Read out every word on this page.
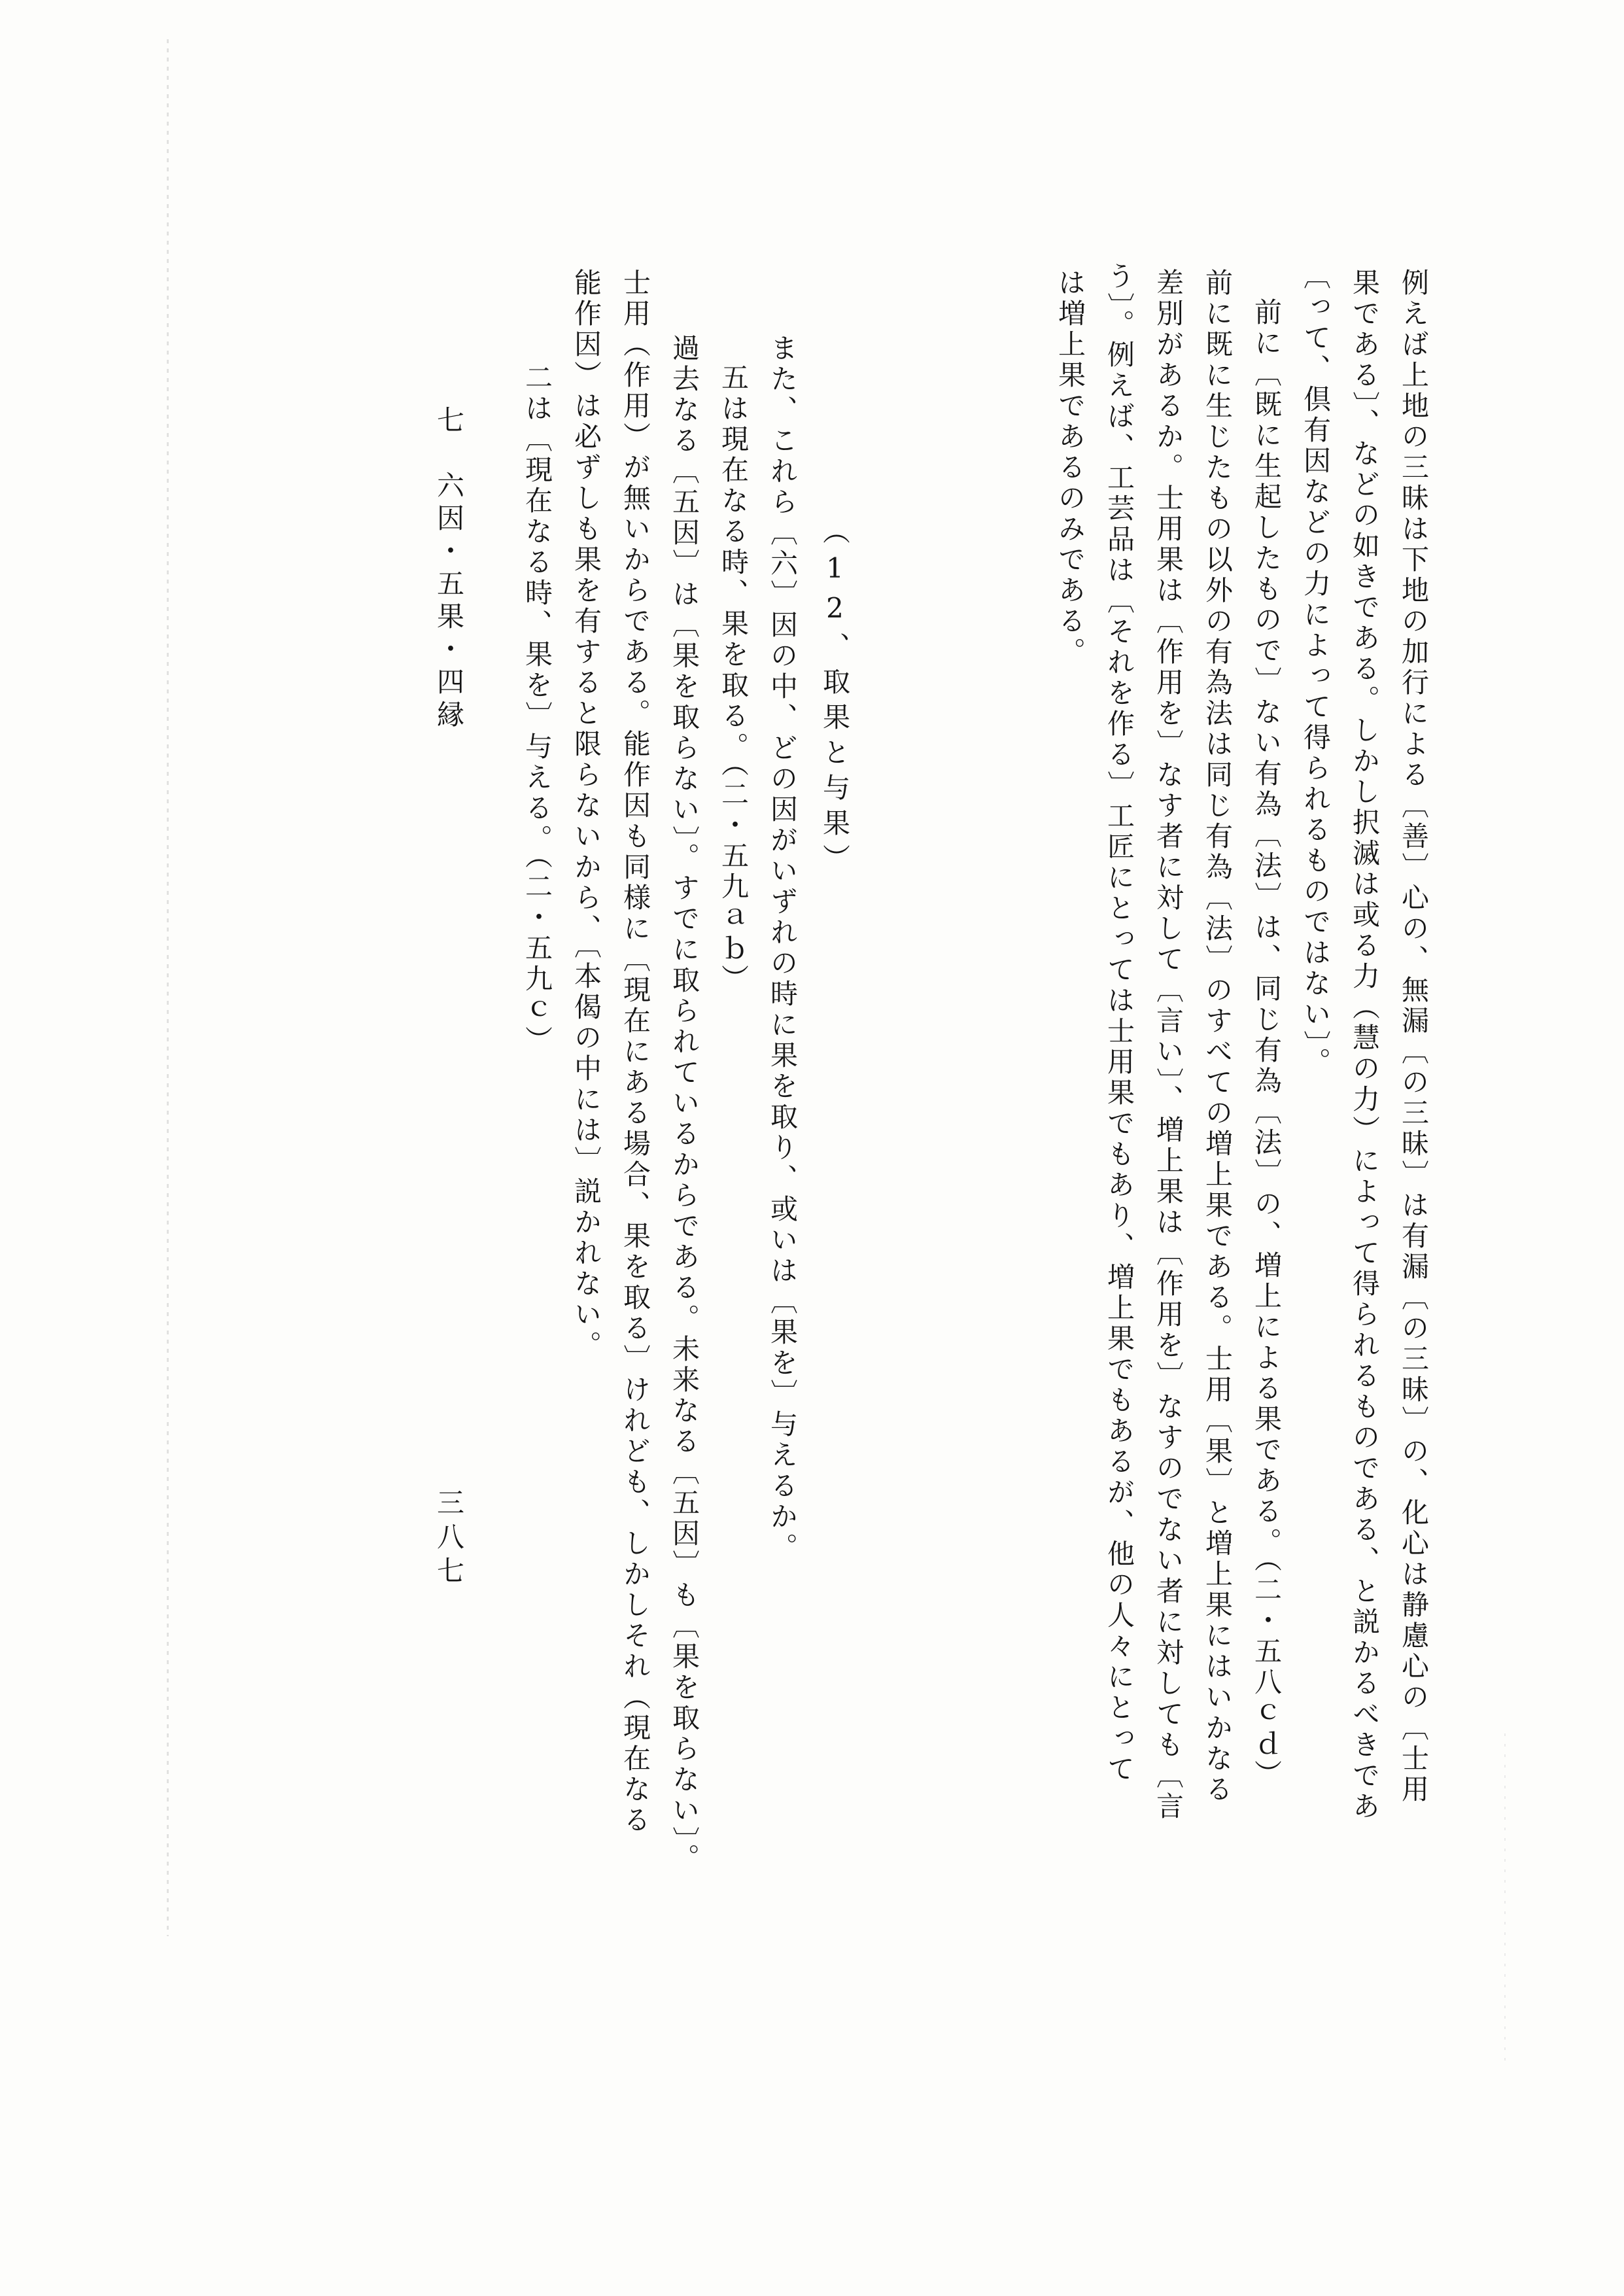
例えば上地の三昧は下地の加行による〔善〕心の、無漏〔の三昧〕は有漏〔の三昧〕の、化心は静慮心の〔士用
果である〕、などの如きである。しかし択滅は或る力（慧の力）によって得られるものである、と説かるべきであ
〔って、倶有因などの力によって得られるものではない〕。
前に〔既に生起したもので〕ない有為〔法〕は、同じ有為〔法〕の、増上による果である。（二・五八ｃｄ）
前に既に生じたもの以外の有為法は同じ有為〔法〕のすべての増上果である。士用〔果〕と増上果にはいかなる
差別があるか。士用果は〔作用を〕なす者に対して〔言い〕、増上果は〔作用を〕なすのでない者に対しても〔言
う〕。例えば、工芸品は〔それを作る〕工匠にとっては士用果でもあり、増上果でもあるが、他の人々にとって
は増上果であるのみである。
（12、取果と与果）
また、これら〔六〕因の中、どの因がいずれの時に果を取り、或いは〔果を〕与えるか。
五は現在なる時、果を取る。（二・五九ａｂ）
過去なる〔五因〕は〔果を取らない〕。すでに取られているからである。未来なる〔五因〕も〔果を取らない〕。
士用（作用）が無いからである。能作因も同様に〔現在にある場合、果を取る〕けれども、しかしそれ（現在なる
能作因）は必ずしも果を有すると限らないから、〔本偈の中には〕説かれない。
二は〔現在なる時、果を〕与える。（二・五九ｃ）
七　六因・五果・四縁
三八七
